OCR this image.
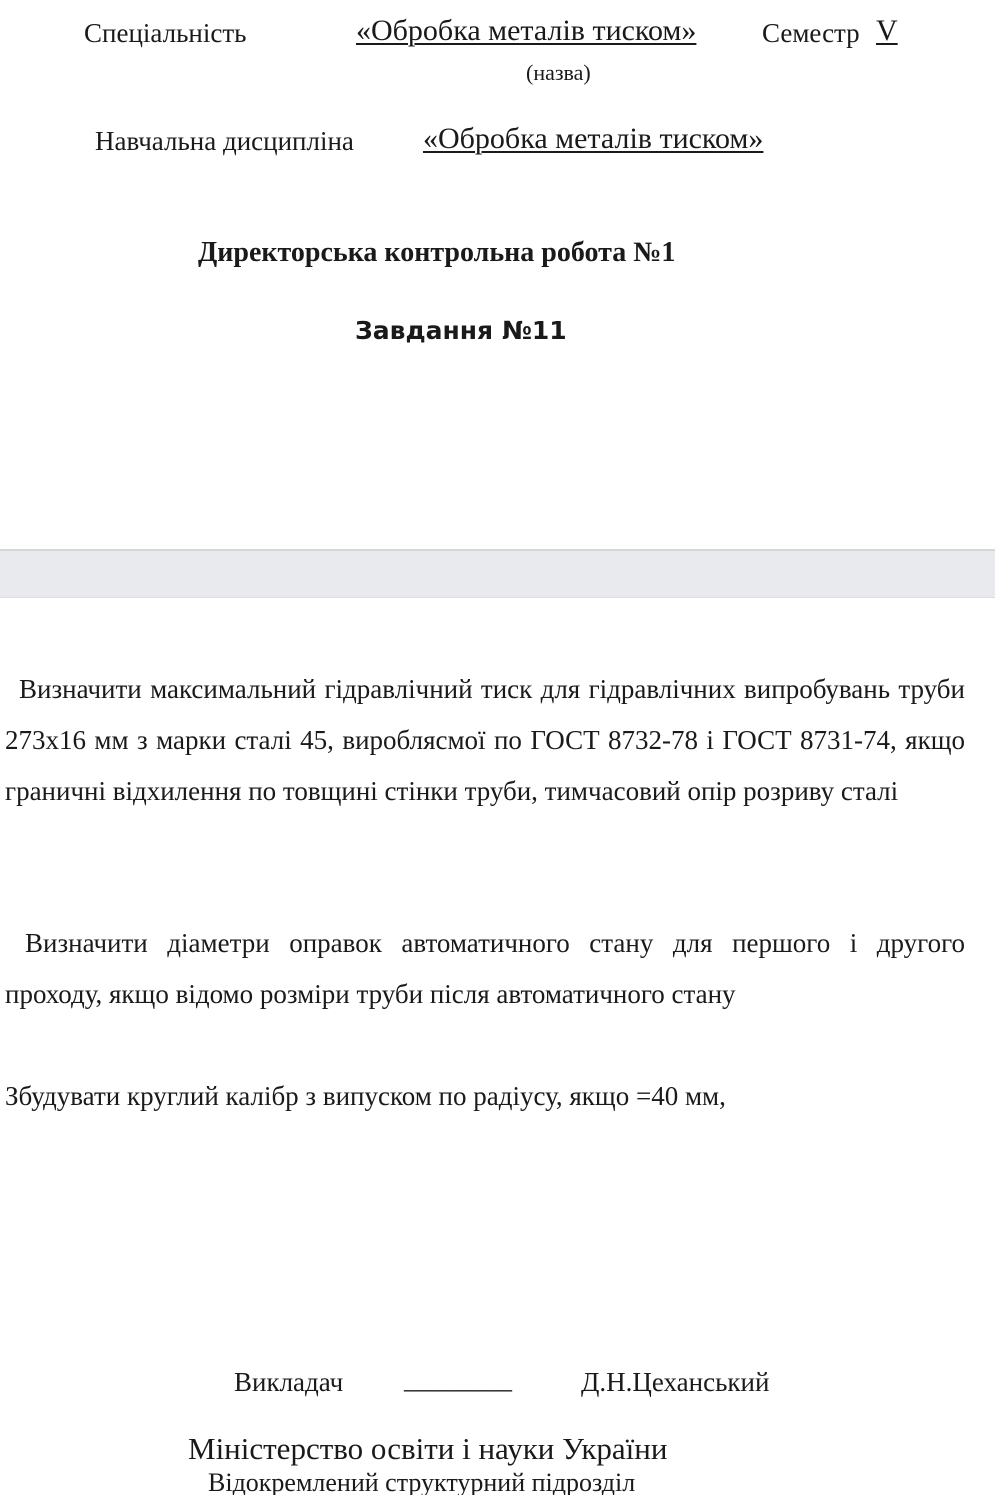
Спеціальність	«Обробка металів тиском» Семестр V
(назва)
Навчальна дисципліна «Обробка металів тиском»
Директорська контрольна робота №1
Завдання №11
Визначити максимальний гідравлічний тиск для гідравлічних випробувань труби 273х16 мм з марки сталі 45, вироблясмої по ГОСТ 8732-78 і ГОСТ 8731-74, якщо граничні відхилення по товщині стінки труби, тимчасовий опір розриву сталі
Визначити діаметри оправок автоматичного стану для першого і другого проходу, якщо відомо розміри труби після автоматичного стану
Збудувати круглий калібр з випуском по радіусу, якщо =40 мм,
Викладач ________	Д.Н.Цеханський
Міністерство освіти і науки України
Відокремлений структурний підрозділ
